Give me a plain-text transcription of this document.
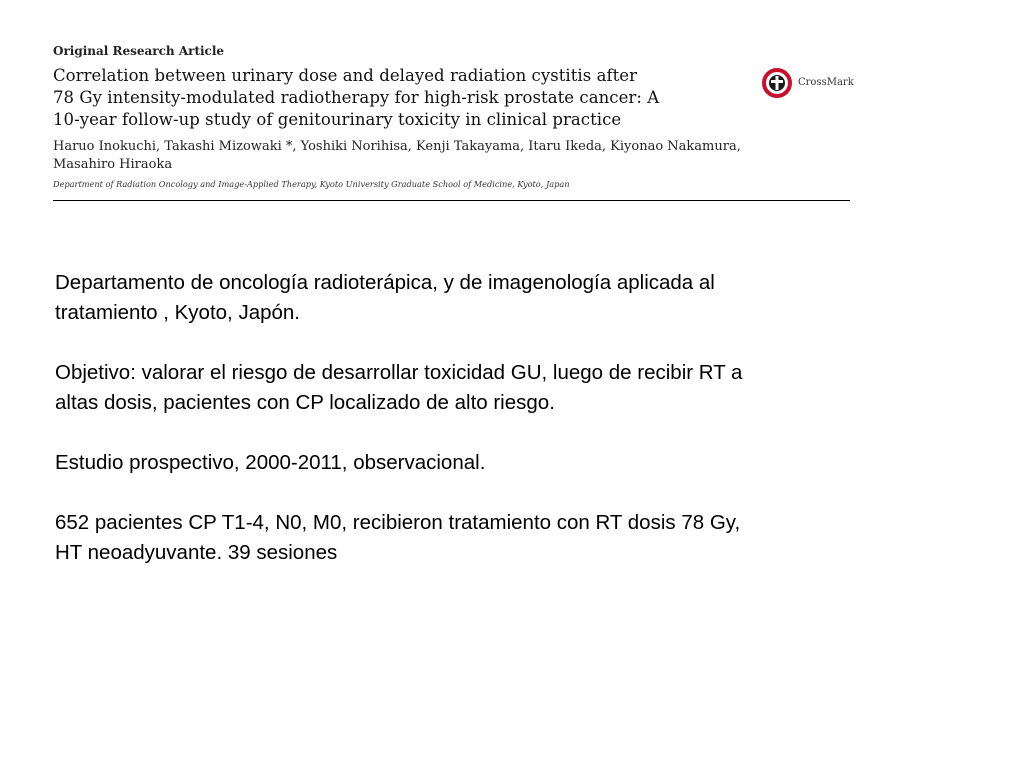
Original Research Article
Correlation between urinary dose and delayed radiation cystitis after
78 Gy intensity-modulated radiotherapy for high-risk prostate cancer: A
10-year follow-up study of genitourinary toxicity in clinical practice
CrossMark
Haruo Inokuchi, Takashi Mizowaki *, Yoshiki Norihisa, Kenji Takayama, Itaru Ikeda, Kiyonao Nakamura,
Masahiro Hiraoka
Department of Radiation Oncology and Image-Applied Therapy, Kyoto University Graduate School of Medicine, Kyoto, Japan
Departamento de oncología radioterápica, y de imagenología aplicada al
tratamiento , Kyoto, Japón.
Objetivo: valorar el riesgo de desarrollar toxicidad GU, luego de recibir RT a
altas dosis, pacientes con CP localizado de alto riesgo.
Estudio prospectivo, 2000-2011, observacional.
652 pacientes CP T1-4, N0, M0, recibieron tratamiento con RT dosis 78 Gy,
HT neoadyuvante. 39 sesiones
